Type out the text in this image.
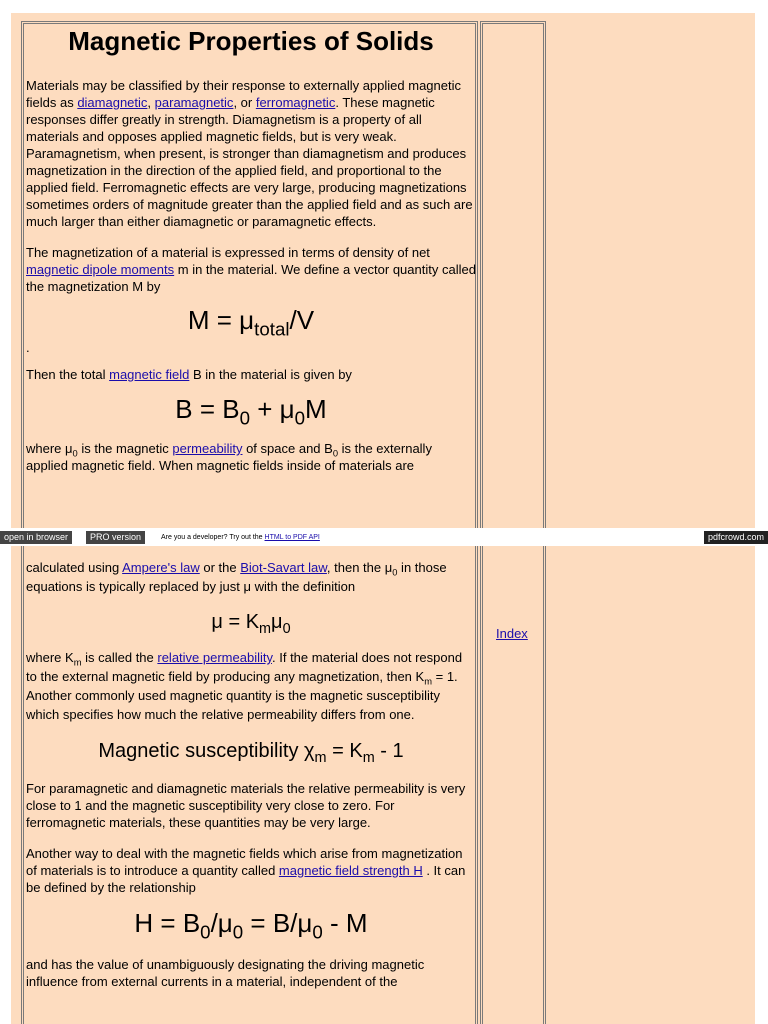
Magnetic Properties of Solids

Materials may be classified by their response to externally applied magnetic fields as diamagnetic, paramagnetic, or ferromagnetic. These magnetic responses differ greatly in strength. Diamagnetism is a property of all materials and opposes applied magnetic fields, but is very weak. Paramagnetism, when present, is stronger than diamagnetism and produces magnetization in the direction of the applied field, and proportional to the applied field. Ferromagnetic effects are very large, producing magnetizations sometimes orders of magnitude greater than the applied field and as such are much larger than either diamagnetic or paramagnetic effects.

The magnetization of a material is expressed in terms of density of net magnetic dipole moments m in the material. We define a vector quantity called the magnetization M by

$M = \mu_{total}/V$
.

Then the total magnetic field B in the material is given by

$B = B_0 + \mu_0M$

where $\mu_0$ is the magnetic permeability of space and $B_0$ is the externally applied magnetic field. When magnetic fields inside of materials are

open in browser	PRO version	Are you a developer? Try out the HTML to PDF API	pdfcrowd.com
Index

calculated using Ampere's law or the Biot-Savart law, then the $\mu_0$ in those equations is typically replaced by just μ with the definition

$\mu = K_m\mu_0$

where $K_m$ is called the relative permeability. If the material does not respond to the external magnetic field by producing any magnetization, then $K_m = 1$. Another commonly used magnetic quantity is the magnetic susceptibility which specifies how much the relative permeability differs from one.

Magnetic susceptibility $\chi_m = K_m - 1$

For paramagnetic and diamagnetic materials the relative permeability is very close to 1 and the magnetic susceptibility very close to zero. For ferromagnetic materials, these quantities may be very large.

Another way to deal with the magnetic fields which arise from magnetization of materials is to introduce a quantity called magnetic field strength H . It can be defined by the relationship

$H = B_0/\mu_0 = B/\mu_0 - M$

and has the value of unambiguously designating the driving magnetic influence from external currents in a material, independent of the
